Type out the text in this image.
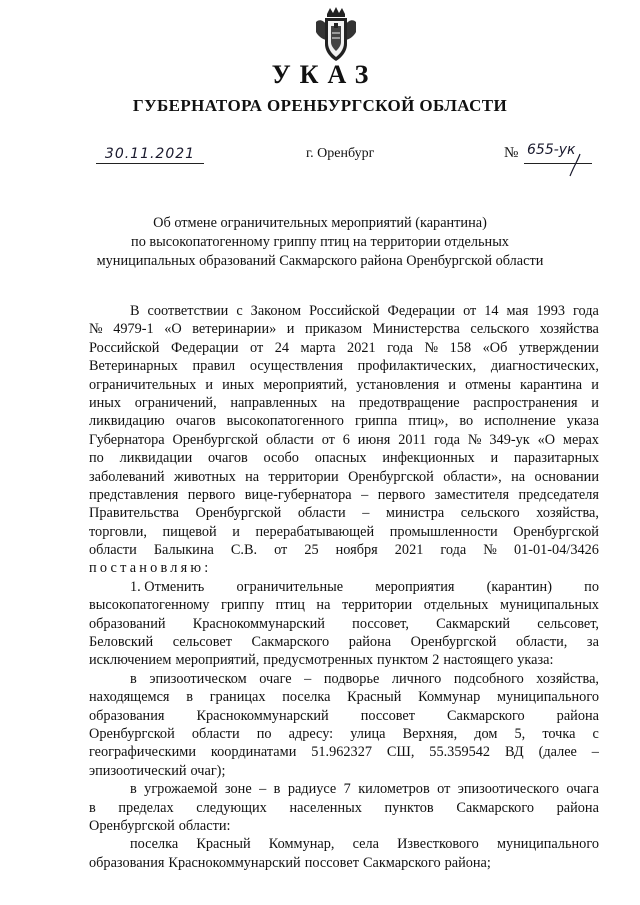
УКАЗ
ГУБЕРНАТОРА ОРЕНБУРГСКОЙ ОБЛАСТИ
30.11.2021	г. Оренбург	№ 655-ук
Об отмене ограничительных мероприятий (карантина)
по высокопатогенному гриппу птиц на территории отдельных
муниципальных образований Сакмарского района Оренбургской области
В соответствии с Законом Российской Федерации от 14 мая 1993 года
№ 4979-1 «О ветеринарии» и приказом Министерства сельского хозяйства
Российской Федерации от 24 марта 2021 года № 158 «Об утверждении
Ветеринарных правил осуществления профилактических, диагностических,
ограничительных и иных мероприятий, установления и отмены карантина и
иных ограничений, направленных на предотвращение распространения и
ликвидацию очагов высокопатогенного гриппа птиц», во исполнение указа
Губернатора Оренбургской области от 6 июня 2011 года № 349-ук «О мерах
по ликвидации очагов особо опасных инфекционных и паразитарных
заболеваний животных на территории Оренбургской области», на основании
представления первого вице-губернатора – первого заместителя председателя
Правительства Оренбургской области – министра сельского хозяйства,
торговли, пищевой и перерабатывающей промышленности Оренбургской
области Балыкина С.В. от 25 ноября 2021 года № 01-01-04/3426
постановляю:
1. Отменить ограничительные мероприятия (карантин) по
высокопатогенному гриппу птиц на территории отдельных муниципальных
образований Краснокоммунарский поссовет, Сакмарский сельсовет,
Беловский сельсовет Сакмарского района Оренбургской области, за
исключением мероприятий, предусмотренных пунктом 2 настоящего указа:
в эпизоотическом очаге – подворье личного подсобного хозяйства,
находящемся в границах поселка Красный Коммунар муниципального
образования Краснокоммунарский поссовет Сакмарского района
Оренбургской области по адресу: улица Верхняя, дом 5, точка с
географическими координатами 51.962327 СШ, 55.359542 ВД (далее –
эпизоотический очаг);
в угрожаемой зоне – в радиусе 7 километров от эпизоотического очага
в пределах следующих населенных пунктов Сакмарского района
Оренбургской области:
поселка Красный Коммунар, села Известкового муниципального
образования Краснокоммунарский поссовет Сакмарского района;
